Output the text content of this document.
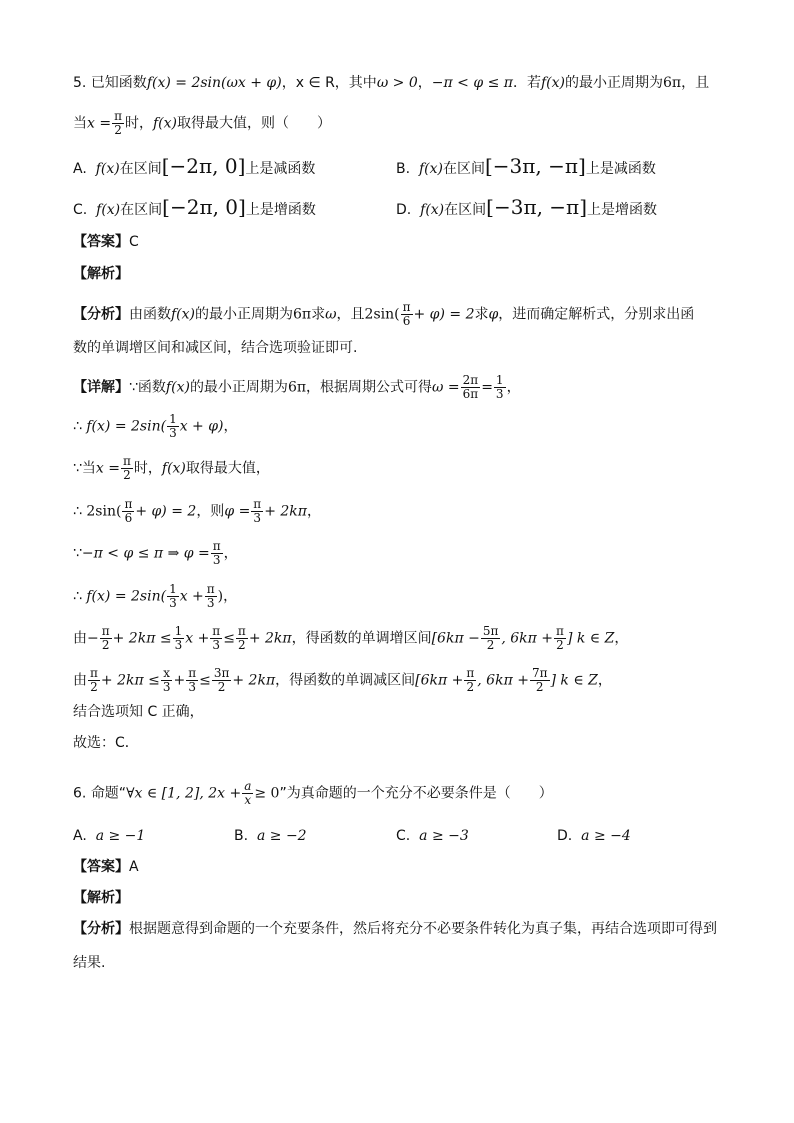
5. 已知函数f(x) = 2sin(ωx + φ)，x ∈ R，其中ω > 0，−π < φ ≤ π．若f(x)的最小正周期为6π，且
当$x = \frac{\pi}{2}$ 时，f(x)取得最大值，则（　　）
A. f(x)在区间[−2π, 0]上是减函数	B. f(x)在区间[−3π, −π]上是减函数
C. f(x)在区间[−2π, 0]上是增函数	D. f(x)在区间[−3π, −π]上是增函数
【答案】C
【解析】
【分析】由函数f(x)的最小正周期为6π求ω，且$2\sin( \frac{\pi}{6} + \varphi) = 2$求φ，进而确定解析式，分别求出函
数的单调增区间和减区间，结合选项验证即可.
【详解】∵函数f(x)的最小正周期为6π，根据周期公式可得$\omega = \frac{2\pi}{6\pi} = \frac{1}{3}$ ，
∴ $f(x) = 2\sin( \frac{1}{3}$ x + φ)，
∵当$x = \frac{\pi}{2}$ 时，f(x)取得最大值，
∴ $2\sin( \frac{\pi}{6} + \varphi) = 2$，则$\varphi = \frac{\pi}{3} + 2k\pi$，
∵−π < φ ≤ π ⇒ $\varphi = \frac{\pi}{3}$ ，
∴ $f(x) = 2\sin( \frac{1}{3}$ $x + \frac{\pi}{3}$ )，
由− $\frac{\pi}{2} + 2k\pi \le \frac{1}{3}$ $x + \frac{\pi}{3} \le \frac{\pi}{2} + 2k\pi$，得函数的单调增区间[$6k\pi - \frac{5\pi}{2}$ , $6k\pi + \frac{\pi}{2}$ ] k ∈ Z，
由 $\frac{\pi}{2} + 2k\pi \le \frac{x}{3} + \frac{\pi}{3} \le \frac{3\pi}{2} + 2k\pi$，得函数的单调减区间[$6k\pi + \frac{\pi}{2}$ , $6k\pi + \frac{7\pi}{2}$ ] k ∈ Z，
结合选项知 C 正确，
故选：C．
6. 命题“∀x ∈ [1, 2], $2x + \frac{a}{x} \ge 0$”为真命题的一个充分不必要条件是（　　）
A. a ≥ −1	B. a ≥ −2	C. a ≥ −3	D. a ≥ −4
【答案】A
【解析】
【分析】根据题意得到命题的一个充要条件，然后将充分不必要条件转化为真子集，再结合选项即可得到
结果.
